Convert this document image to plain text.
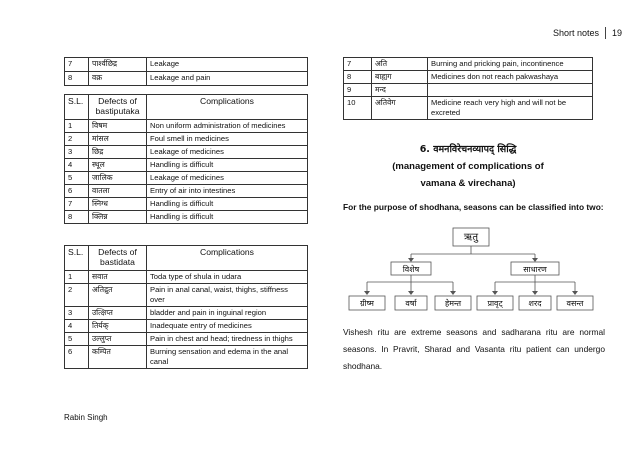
Short notes 19
7	पार्श्वछिद्र	Leakage
8	वक्र	Leakage and pain
S.L.	Defects of bastiputaka	Complications
1	विषम	Non uniform administration of medicines
2	मांसल	Foul smell in medicines
3	छिद्र	Leakage of medicines
4	स्थूल	Handling is difficult
5	जालिक	Leakage of medicines
6	वातला	Entry of air into intestines
7	स्निग्ध	Handling is difficult
8	क्लिन्न	Handling is difficult
S.L.	Defects of bastidata	Complications
1	सवात	Toda type of shula in udara
2	अतिद्रुत	Pain in anal canal, waist, thighs, stiffness over
3	उत्क्षिप्त	bladder and pain in inguinal region
4	तिर्यक्	Inadequate entry of medicines
5	उल्लुप्त	Pain in chest and head; tiredness in thighs
6	कम्पित	Burning sensation and edema in the anal canal
7	अति	Burning and pricking pain, incontinence
8	बाह्यग	Medicines don not reach pakwashaya
9	मन्द	
10	अतिवेग	Medicine reach very high and will not be excreted
6. वमनविरेचनव्यापद् सिद्धि
(management of complications of
vamana & virechana)
For the purpose of shodhana, seasons can be classified into two:
ऋतु
विशेष	साधारण
ग्रीष्म	वर्षा	हेमन्त	प्रावृट्	शरद	वसन्त
Vishesh ritu are extreme seasons and sadharana ritu are normal seasons. In Pravrit, Sharad and Vasanta ritu patient can undergo shodhana.
Rabin Singh
